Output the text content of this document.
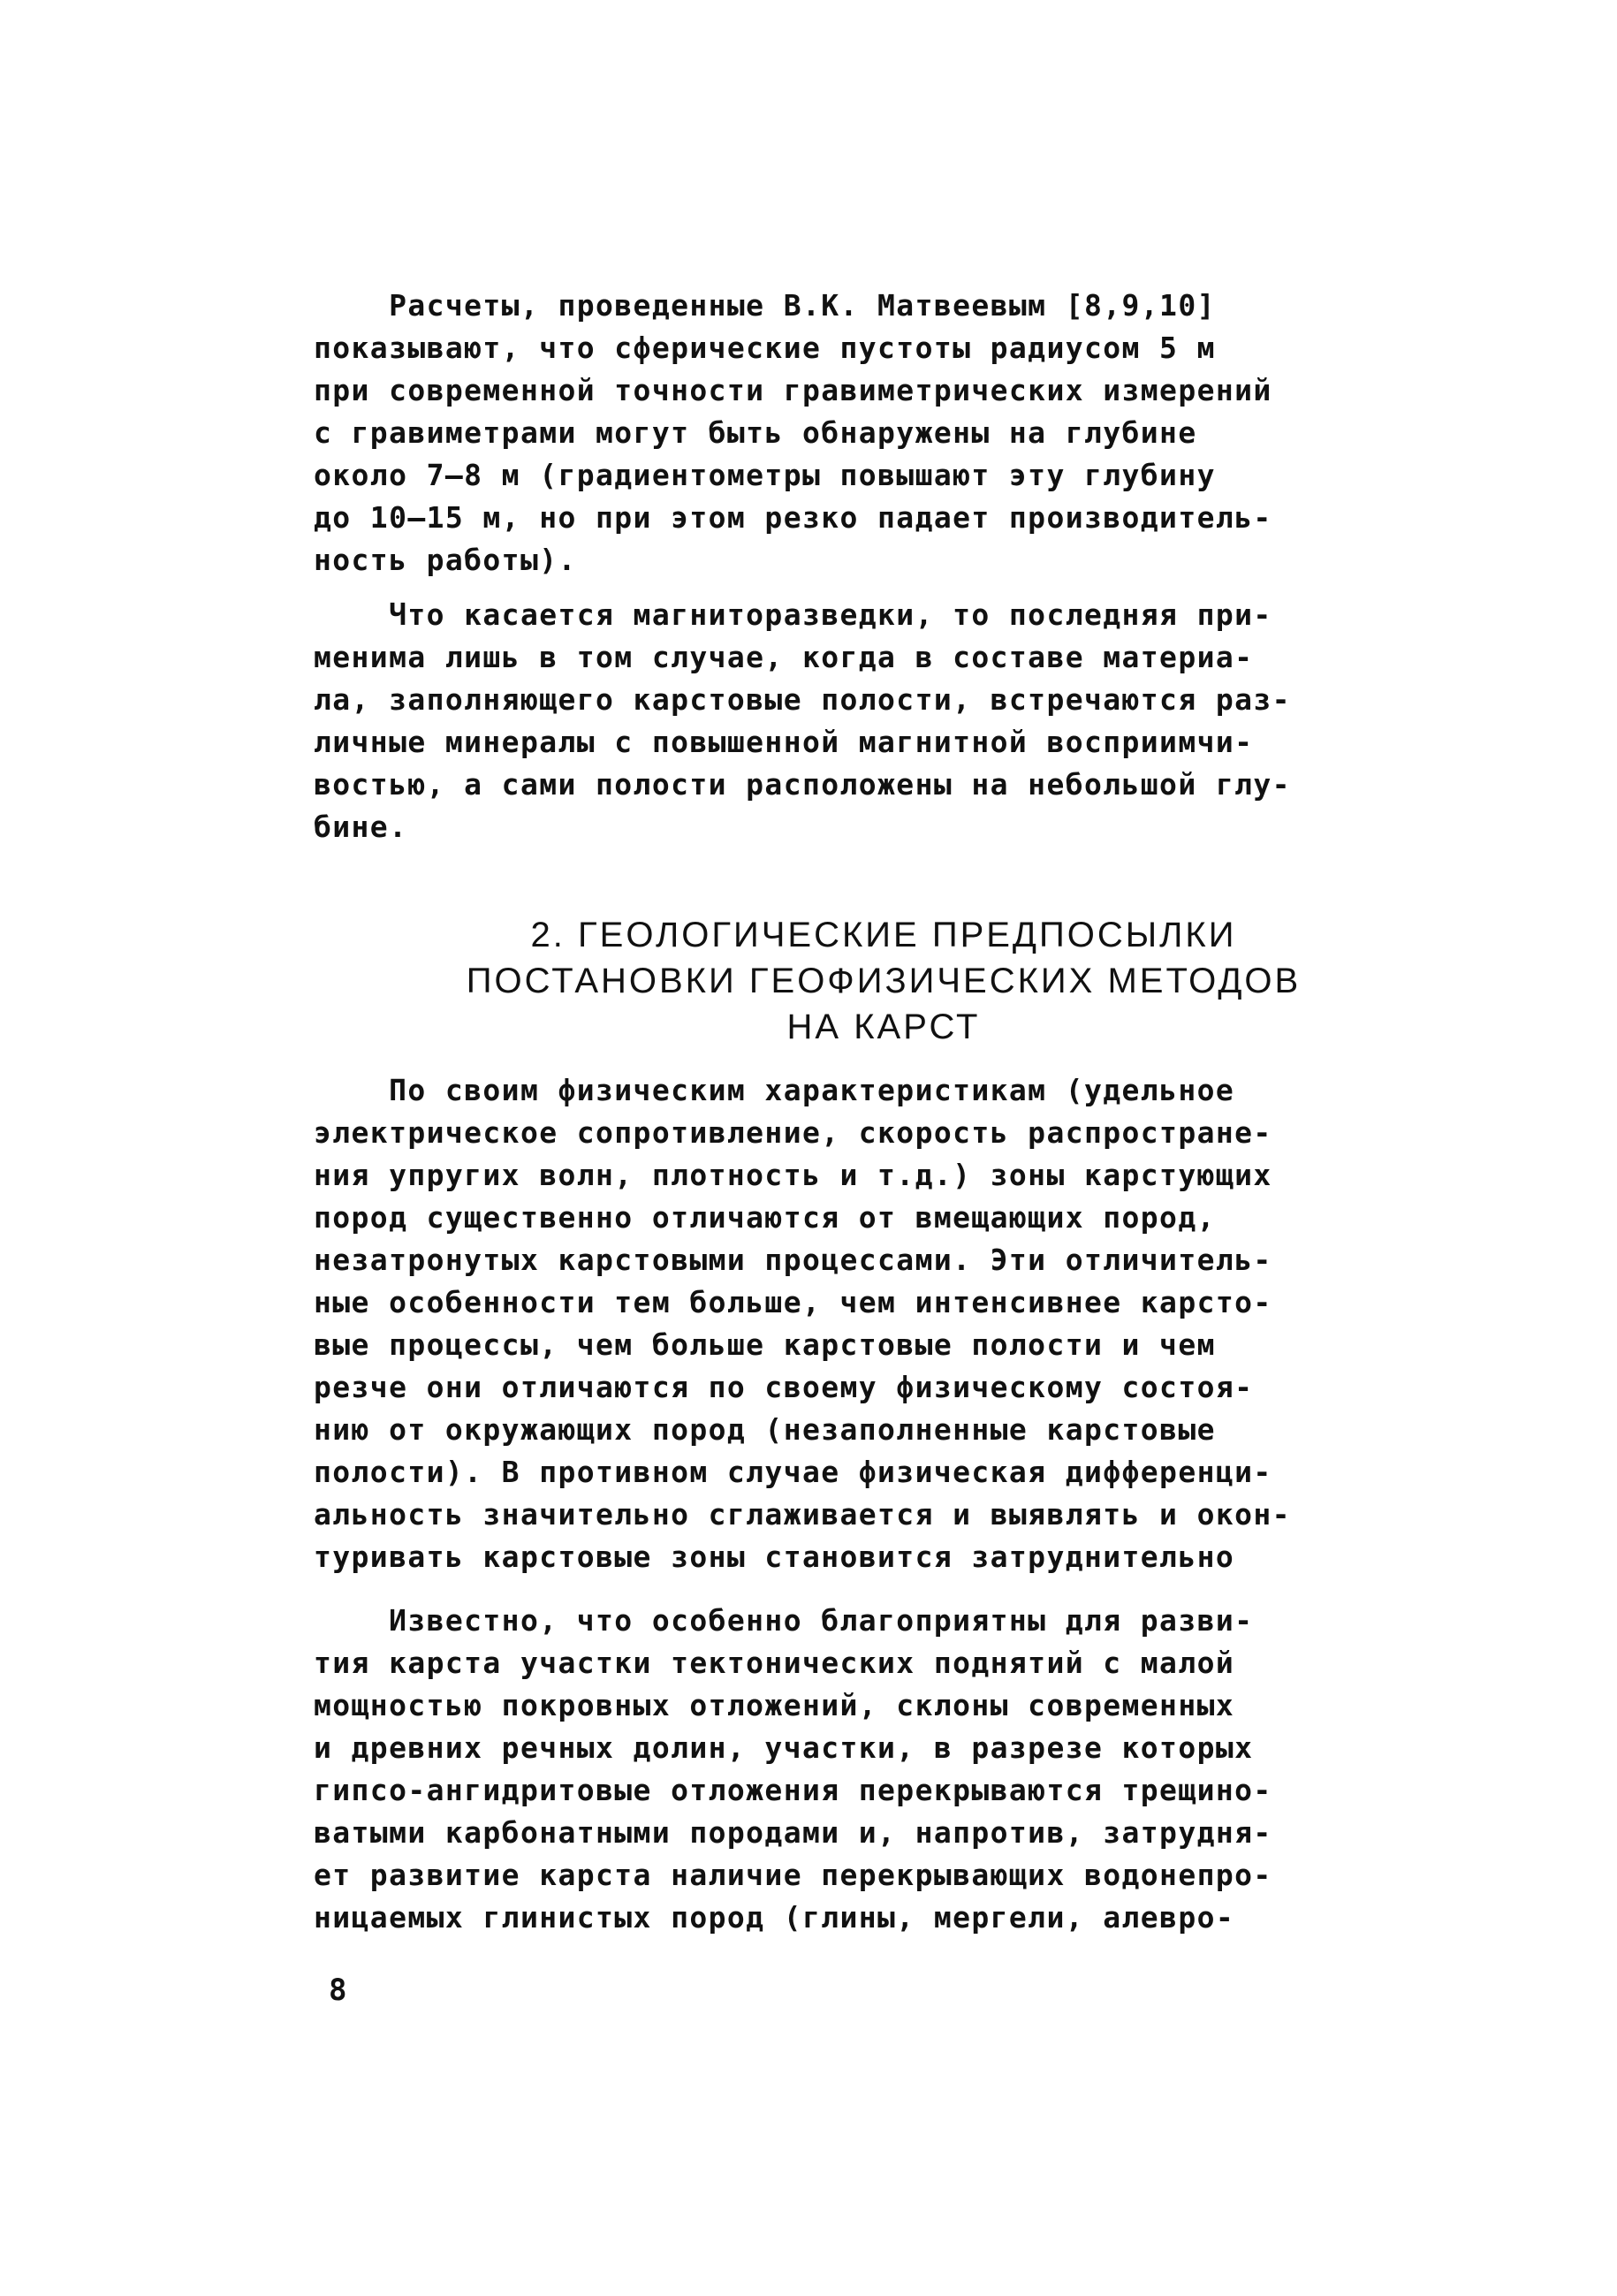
Расчеты, проведенные В.К. Матвеевым [8,9,10]
показывают, что сферические пустоты радиусом 5 м
при современной точности гравиметрических измерений
с гравиметрами могут быть обнаружены на глубине
около 7–8 м (градиентометры повышают эту глубину
до 10–15 м, но при этом резко падает производитель-
ность работы).
Что касается магниторазведки, то последняя при-
менима лишь в том случае, когда в составе материа-
ла, заполняющего карстовые полости, встречаются раз-
личные минералы с повышенной магнитной восприимчи-
востью, а сами полости расположены на небольшой глу-
бине.
2. ГЕОЛОГИЧЕСКИЕ ПРЕДПОСЫЛКИ
ПОСТАНОВКИ ГЕОФИЗИЧЕСКИХ МЕТОДОВ
НА КАРСТ
По своим физическим характеристикам (удельное
электрическое сопротивление, скорость распростране-
ния упругих волн, плотность и т.д.) зоны карстующих
пород существенно отличаются от вмещающих пород,
незатронутых карстовыми процессами. Эти отличитель-
ные особенности тем больше, чем интенсивнее карсто-
вые процессы, чем больше карстовые полости и чем
резче они отличаются по своему физическому состоя-
нию от окружающих пород (незаполненные карстовые
полости). В противном случае физическая дифференци-
альность значительно сглаживается и выявлять и окон-
туривать карстовые зоны становится затруднительно
Известно, что особенно благоприятны для разви-
тия карста участки тектонических поднятий с малой
мощностью покровных отложений, склоны современных
и древних речных долин, участки, в разрезе которых
гипсо-ангидритовые отложения перекрываются трещино-
ватыми карбонатными породами и, напротив, затрудня-
ет развитие карста наличие перекрывающих водонепро-
ницаемых глинистых пород (глины, мергели, алевро-
8
